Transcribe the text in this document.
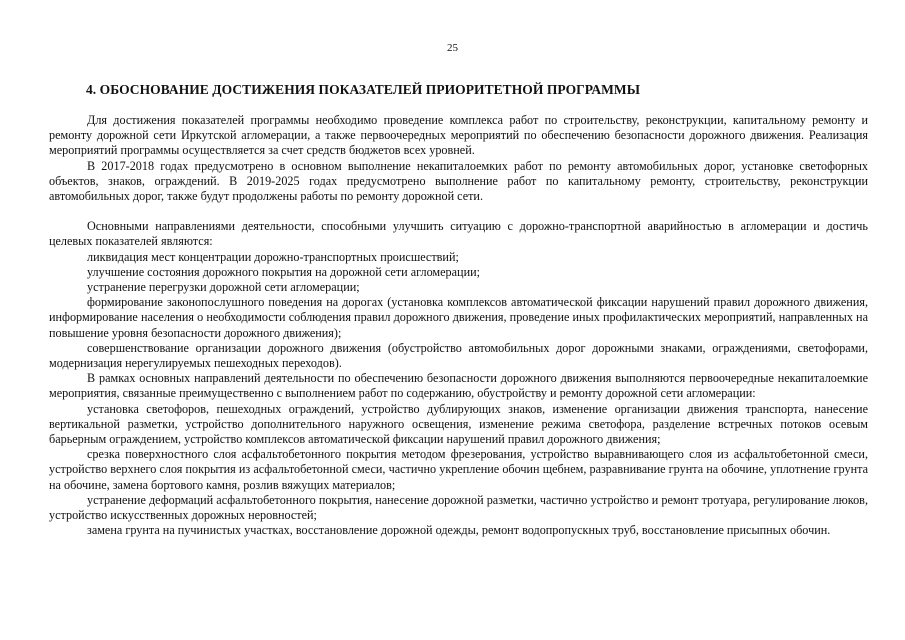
25
4. ОБОСНОВАНИЕ ДОСТИЖЕНИЯ ПОКАЗАТЕЛЕЙ ПРИОРИТЕТНОЙ ПРОГРАММЫ

Для достижения показателей программы необходимо проведение комплекса работ по строительству, реконструкции, капитальному ремонту и ремонту дорожной сети Иркутской агломерации, а также первоочередных мероприятий по обеспечению безопасности дорожного движения. Реализация мероприятий программы осуществляется за счет средств бюджетов всех уровней.

В 2017-2018 годах предусмотрено в основном выполнение некапиталоемких работ по ремонту автомобильных дорог, установке светофорных объектов, знаков, ограждений. В 2019-2025 годах предусмотрено выполнение работ по капитальному ремонту, строительству, реконструкции автомобильных дорог, также будут продолжены работы по ремонту дорожной сети.

Основными направлениями деятельности, способными улучшить ситуацию с дорожно-транспортной аварийностью в агломерации и достичь целевых показателей являются:

ликвидация мест концентрации дорожно-транспортных происшествий;

улучшение состояния дорожного покрытия на дорожной сети агломерации;

устранение перегрузки дорожной сети агломерации;

формирование законопослушного поведения на дорогах (установка комплексов автоматической фиксации нарушений правил дорожного движения, информирование населения о необходимости соблюдения правил дорожного движения, проведение иных профилактических мероприятий, направленных на повышение уровня безопасности дорожного движения);

совершенствование организации дорожного движения (обустройство автомобильных дорог дорожными знаками, ограждениями, светофорами, модернизация нерегулируемых пешеходных переходов).

В рамках основных направлений деятельности по обеспечению безопасности дорожного движения выполняются первоочередные некапиталоемкие мероприятия, связанные преимущественно с выполнением работ по содержанию, обустройству и ремонту дорожной сети агломерации:

установка светофоров, пешеходных ограждений, устройство дублирующих знаков, изменение организации движения транспорта, нанесение вертикальной разметки, устройство дополнительного наружного освещения, изменение режима светофора, разделение встречных потоков осевым барьерным ограждением, устройство комплексов автоматической фиксации нарушений правил дорожного движения;

срезка поверхностного слоя асфальтобетонного покрытия методом фрезерования, устройство выравнивающего слоя из асфальтобетонной смеси, устройство верхнего слоя покрытия из асфальтобетонной смеси, частично укрепление обочин щебнем, разравнивание грунта на обочине, уплотнение грунта на обочине, замена бортового камня, розлив вяжущих материалов;

устранение деформаций асфальтобетонного покрытия, нанесение дорожной разметки, частично устройство и ремонт тротуара, регулирование люков, устройство искусственных дорожных неровностей;

замена грунта на пучинистых участках, восстановление дорожной одежды, ремонт водопропускных труб, восстановление присыпных обочин.
